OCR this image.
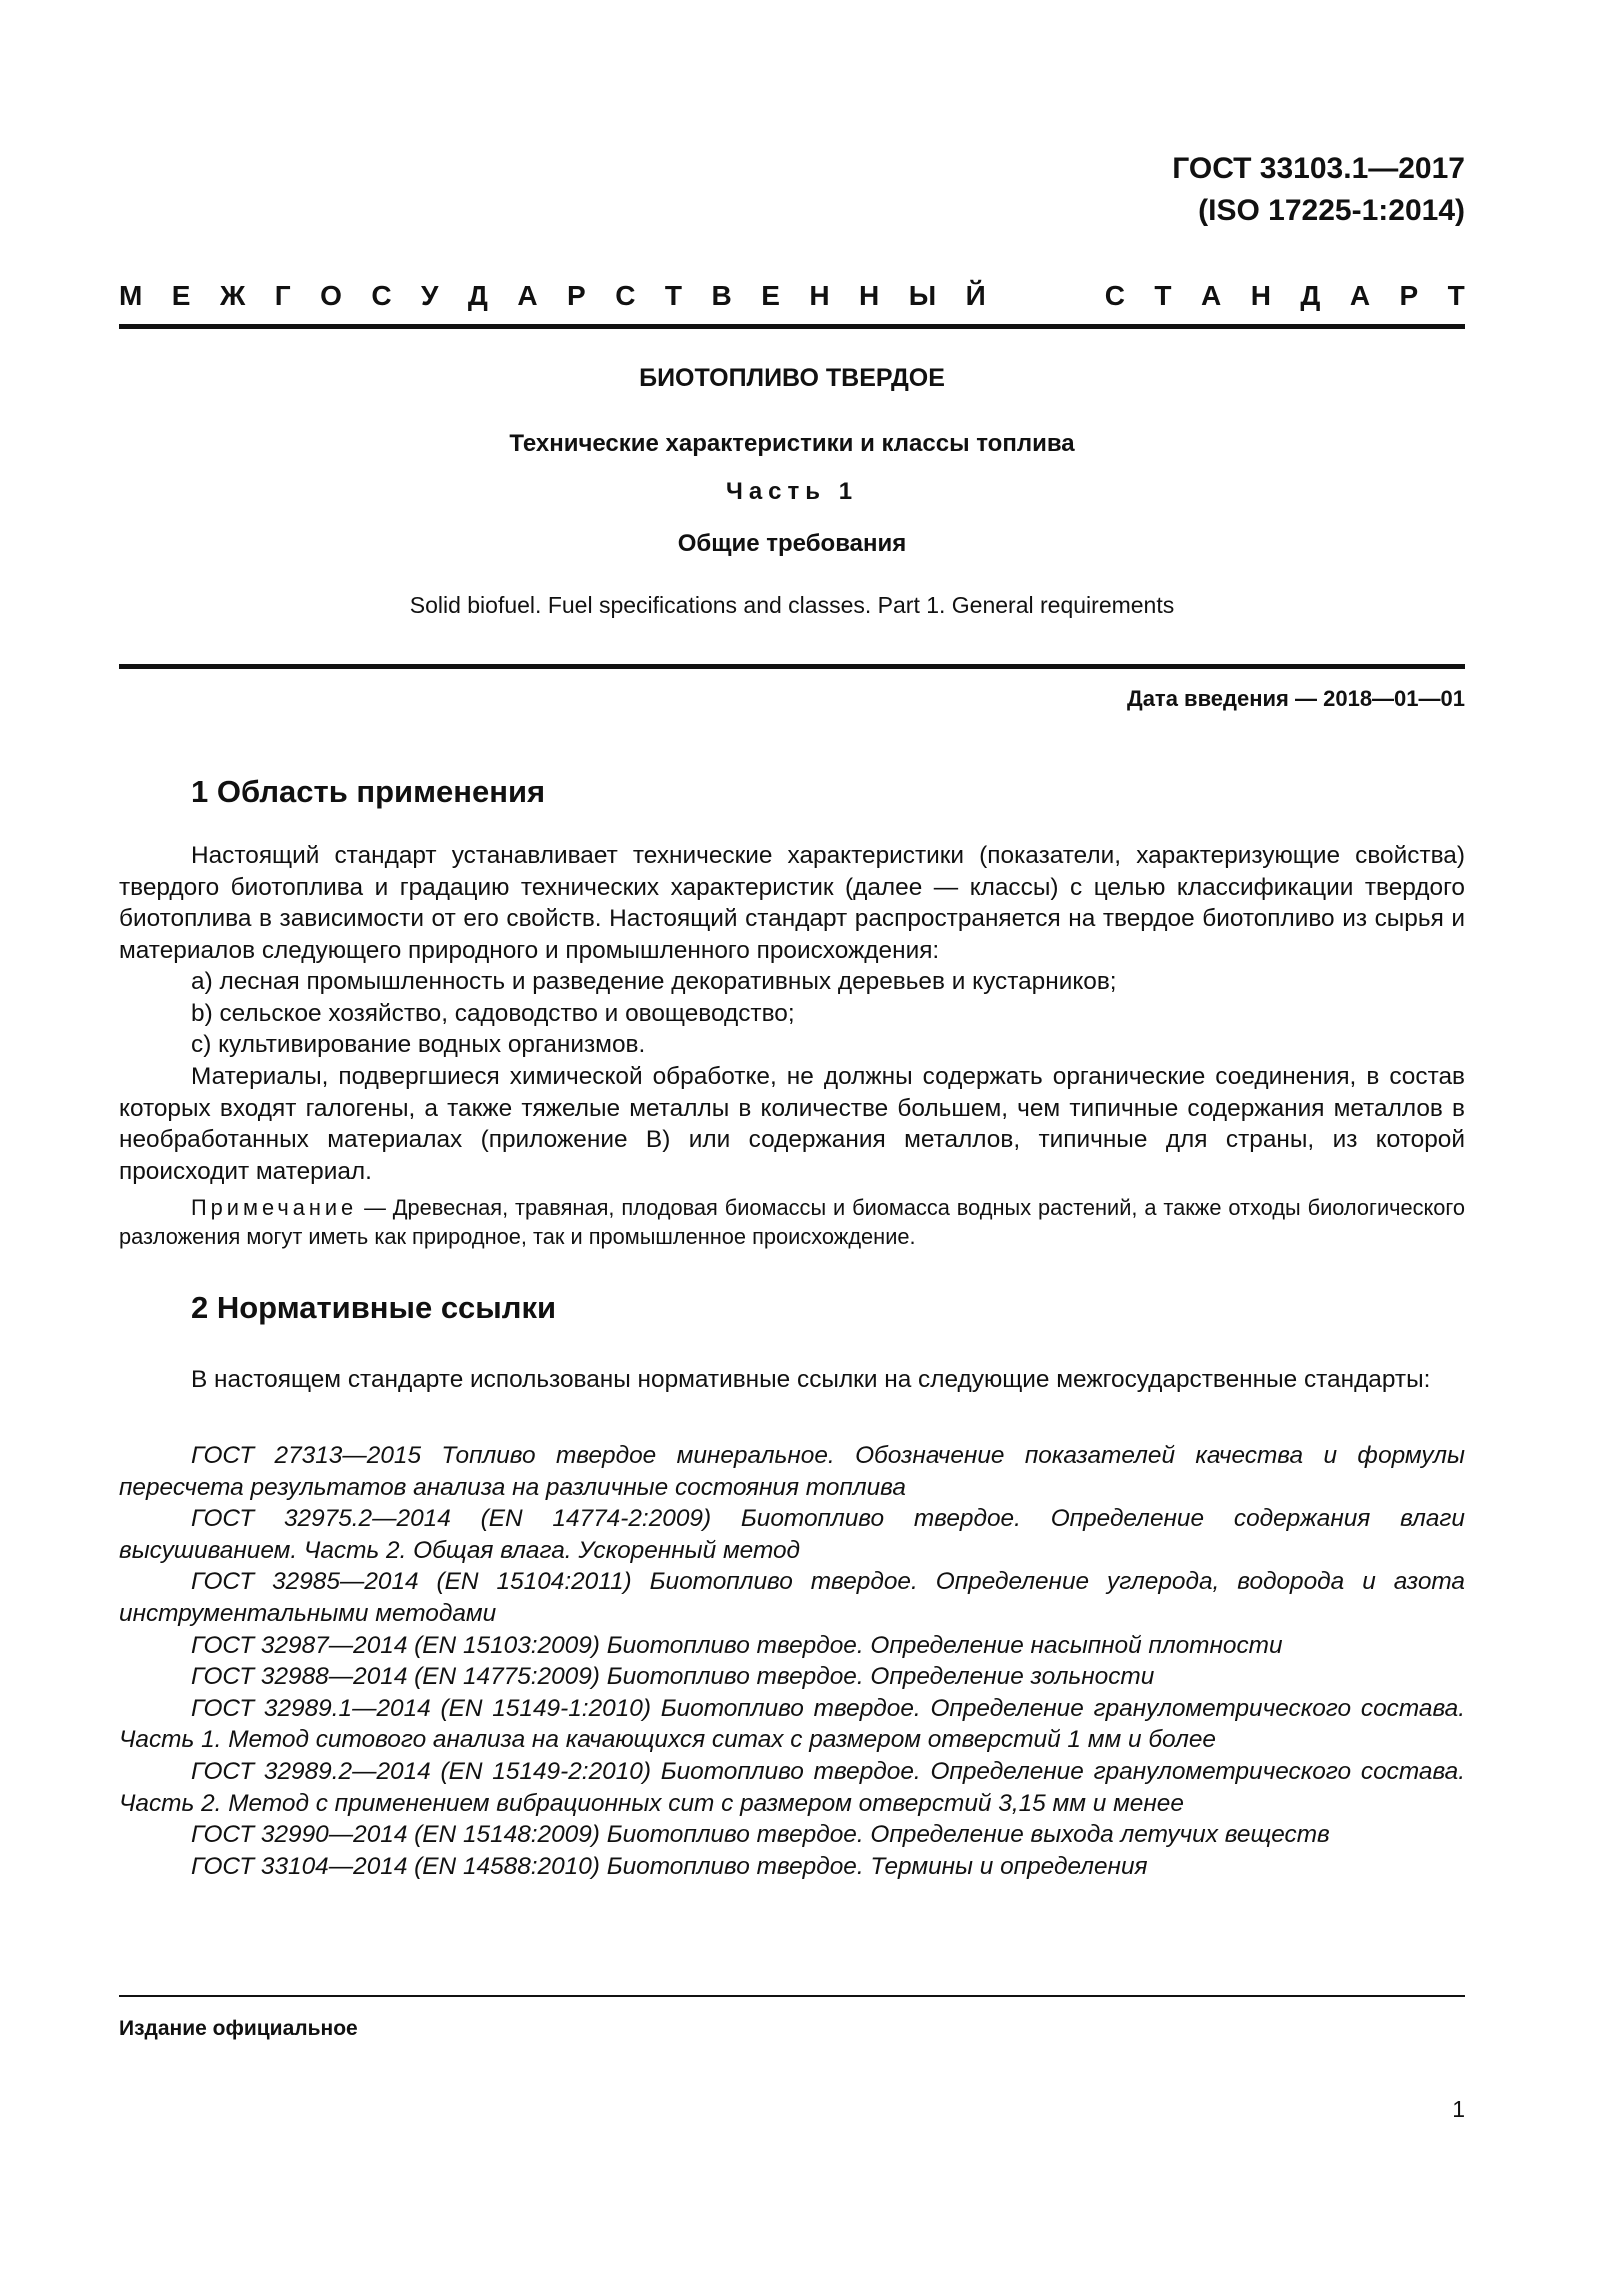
ГОСТ 33103.1—2017
(ISO 17225-1:2014)
М Е Ж Г О С У Д А Р С Т В Е Н Н Ы Й	С Т А Н Д А Р Т
БИОТОПЛИВО ТВЕРДОЕ
Технические характеристики и классы топлива
Часть 1
Общие требования
Solid biofuel. Fuel specifications and classes. Part 1. General requirements
Дата введения — 2018—01—01
1 Область применения

Настоящий стандарт устанавливает технические характеристики (показатели, характеризующие свойства) твердого биотоплива и градацию технических характеристик (далее — классы) с целью классификации твердого биотоплива в зависимости от его свойств. Настоящий стандарт распространяется на твердое биотопливо из сырья и материалов следующего природного и промышленного происхождения:

a) лесная промышленность и разведение декоративных деревьев и кустарников;

b) сельское хозяйство, садоводство и овощеводство;

c) культивирование водных организмов.

Материалы, подвергшиеся химической обработке, не должны содержать органические соединения, в состав которых входят галогены, а также тяжелые металлы в количестве большем, чем типичные содержания металлов в необработанных материалах (приложение В) или содержания металлов, типичные для страны, из которой происходит материал.

Примечание — Древесная, травяная, плодовая биомассы и биомасса водных растений, а также отходы биологического разложения могут иметь как природное, так и промышленное происхождение.

2 Нормативные ссылки

В настоящем стандарте использованы нормативные ссылки на следующие межгосударственные стандарты:

ГОСТ 27313—2015 Топливо твердое минеральное. Обозначение показателей качества и формулы пересчета результатов анализа на различные состояния топлива

ГОСТ 32975.2—2014 (EN 14774-2:2009) Биотопливо твердое. Определение содержания влаги высушиванием. Часть 2. Общая влага. Ускоренный метод

ГОСТ 32985—2014 (EN 15104:2011) Биотопливо твердое. Определение углерода, водорода и азота инструментальными методами

ГОСТ 32987—2014 (EN 15103:2009) Биотопливо твердое. Определение насыпной плотности

ГОСТ 32988—2014 (EN 14775:2009) Биотопливо твердое. Определение зольности

ГОСТ 32989.1—2014 (EN 15149-1:2010) Биотопливо твердое. Определение гранулометрического состава. Часть 1. Метод ситового анализа на качающихся ситах с размером отверстий 1 мм и более

ГОСТ 32989.2—2014 (EN 15149-2:2010) Биотопливо твердое. Определение гранулометрического состава. Часть 2. Метод с применением вибрационных сит с размером отверстий 3,15 мм и менее

ГОСТ 32990—2014 (EN 15148:2009) Биотопливо твердое. Определение выхода летучих веществ

ГОСТ 33104—2014 (EN 14588:2010) Биотопливо твердое. Термины и определения

Издание официальное
1
